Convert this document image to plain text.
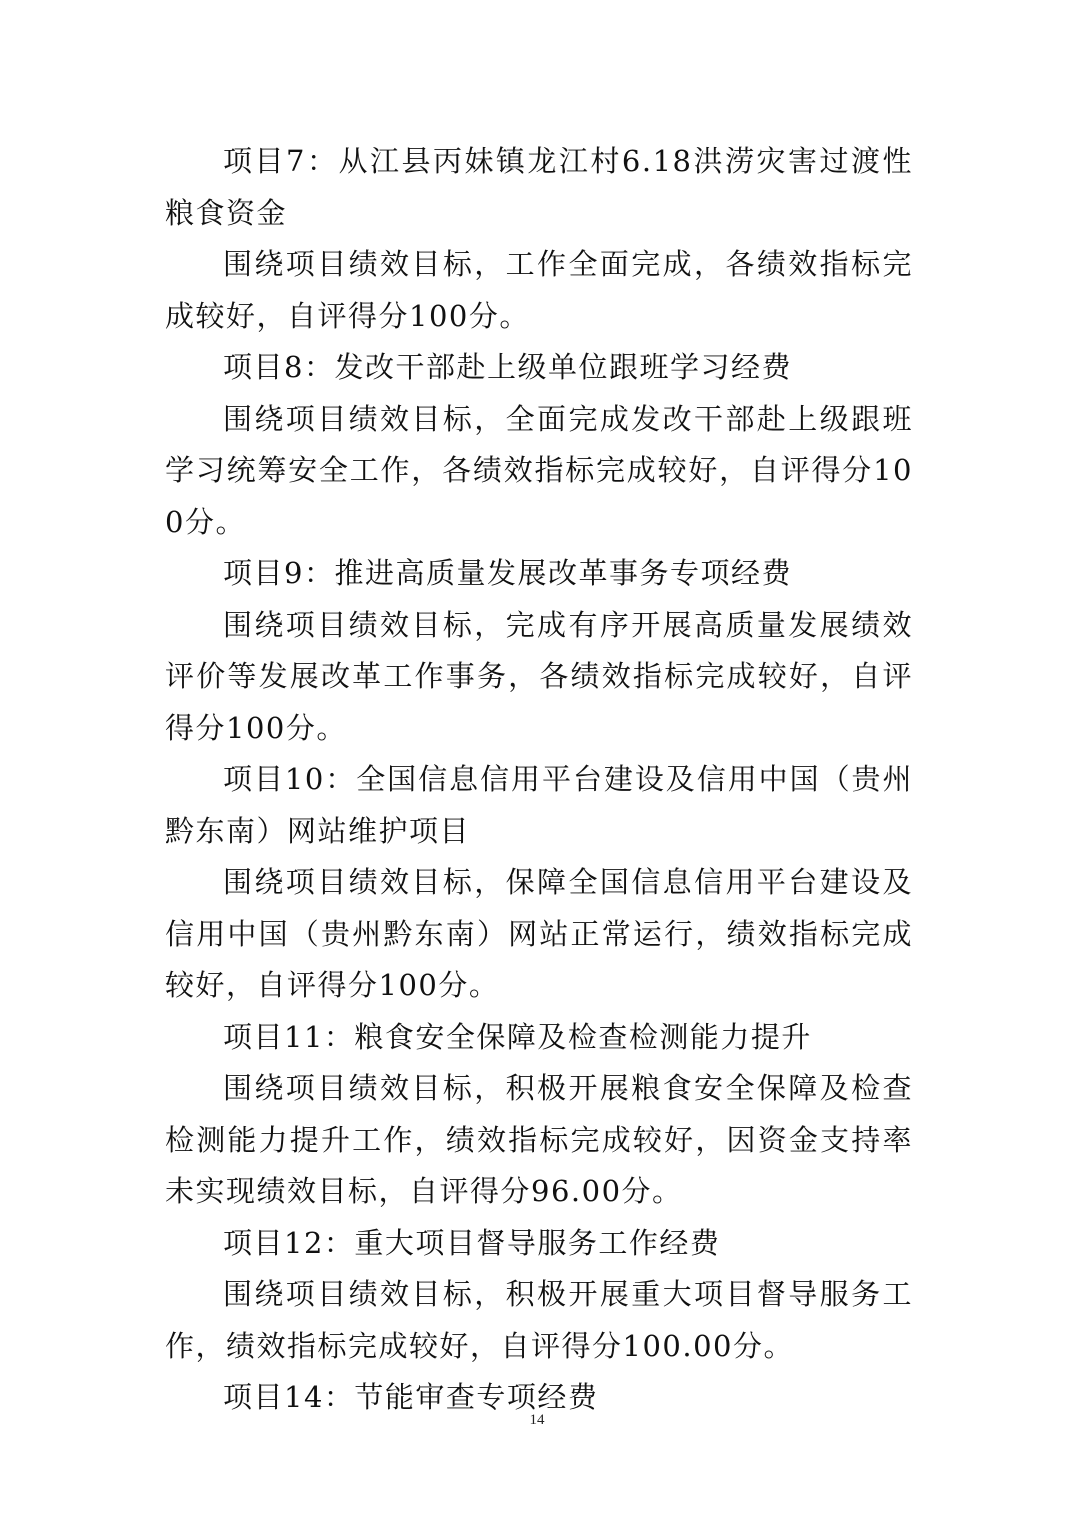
项目7：从江县丙妹镇龙江村6.18洪涝灾害过渡性粮食资金

围绕项目绩效目标，工作全面完成，各绩效指标完成较好，自评得分100分。

项目8：发改干部赴上级单位跟班学习经费

围绕项目绩效目标，全面完成发改干部赴上级跟班学习统筹安全工作，各绩效指标完成较好，自评得分100分。

项目9：推进高质量发展改革事务专项经费

围绕项目绩效目标，完成有序开展高质量发展绩效评价等发展改革工作事务，各绩效指标完成较好，自评得分100分。

项目10：全国信息信用平台建设及信用中国（贵州黔东南）网站维护项目

围绕项目绩效目标，保障全国信息信用平台建设及信用中国（贵州黔东南）网站正常运行，绩效指标完成较好，自评得分100分。

项目11：粮食安全保障及检查检测能力提升

围绕项目绩效目标，积极开展粮食安全保障及检查检测能力提升工作，绩效指标完成较好，因资金支持率未实现绩效目标，自评得分96.00分。

项目12：重大项目督导服务工作经费

围绕项目绩效目标，积极开展重大项目督导服务工作，绩效指标完成较好，自评得分100.00分。

项目14：节能审查专项经费

14
